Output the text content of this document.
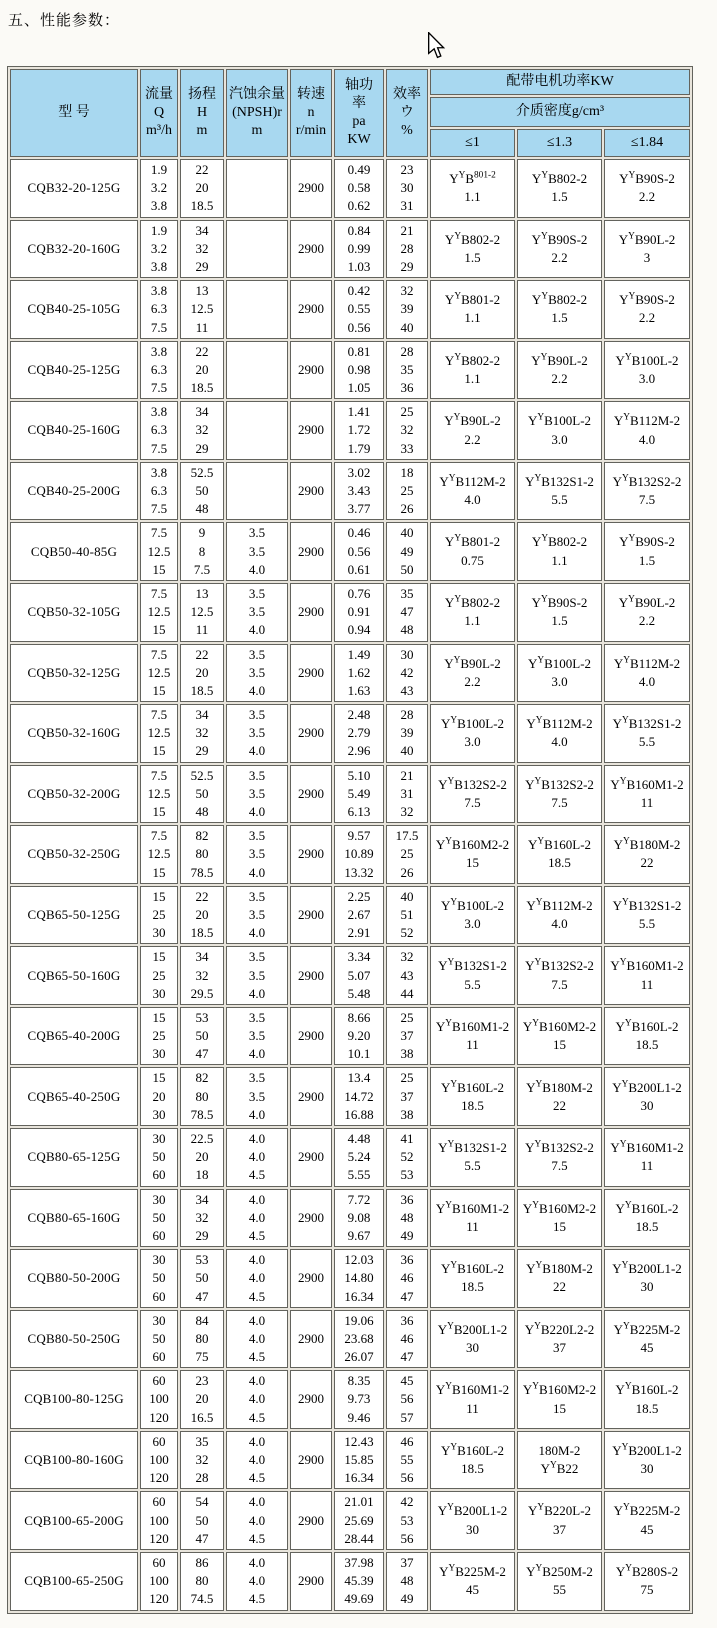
五、性能参数：
型 号	流量
Q
m³/h	扬程
H
m	汽蚀余量
(NPSH)r
m	转速
n
r/min	轴功
率
pa
KW	效率
ウ
%	配带电机功率KW		
							介质密度g/cm³		
							≤1	≤1.3	≤1.84
CQB32-20-125G	1.9
3.2
3.8	22
20
18.5		2900	0.49
0.58
0.62	23
30
31	$Y^YB^{801-2}$
1.1	$Y^YB802-2$
1.5	$Y^YB90S-2$
2.2
CQB32-20-160G	1.9
3.2
3.8	34
32
29		2900	0.84
0.99
1.03	21
28
29	$Y^YB802-2$
1.5	$Y^YB90S-2$
2.2	$Y^YB90L-2$
3
CQB40-25-105G	3.8
6.3
7.5	13
12.5
11		2900	0.42
0.55
0.56	32
39
40	$Y^YB801-2$
1.1	$Y^YB802-2$
1.5	$Y^YB90S-2$
2.2
CQB40-25-125G	3.8
6.3
7.5	22
20
18.5		2900	0.81
0.98
1.05	28
35
36	$Y^YB802-2$
1.1	$Y^YB90L-2$
2.2	$Y^YB100L-2$
3.0
CQB40-25-160G	3.8
6.3
7.5	34
32
29		2900	1.41
1.72
1.79	25
32
33	$Y^YB90L-2$
2.2	$Y^YB100L-2$
3.0	$Y^YB112M-2$
4.0
CQB40-25-200G	3.8
6.3
7.5	52.5
50
48		2900	3.02
3.43
3.77	18
25
26	$Y^YB112M-2$
4.0	$Y^YB132S1-2$
5.5	$Y^YB132S2-2$
7.5
CQB50-40-85G	7.5
12.5
15	9
8
7.5	3.5
3.5
4.0	2900	0.46
0.56
0.61	40
49
50	$Y^YB801-2$
0.75	$Y^YB802-2$
1.1	$Y^YB90S-2$
1.5
CQB50-32-105G	7.5
12.5
15	13
12.5
11	3.5
3.5
4.0	2900	0.76
0.91
0.94	35
47
48	$Y^YB802-2$
1.1	$Y^YB90S-2$
1.5	$Y^YB90L-2$
2.2
CQB50-32-125G	7.5
12.5
15	22
20
18.5	3.5
3.5
4.0	2900	1.49
1.62
1.63	30
42
43	$Y^YB90L-2$
2.2	$Y^YB100L-2$
3.0	$Y^YB112M-2$
4.0
CQB50-32-160G	7.5
12.5
15	34
32
29	3.5
3.5
4.0	2900	2.48
2.79
2.96	28
39
40	$Y^YB100L-2$
3.0	$Y^YB112M-2$
4.0	$Y^YB132S1-2$
5.5
CQB50-32-200G	7.5
12.5
15	52.5
50
48	3.5
3.5
4.0	2900	5.10
5.49
6.13	21
31
32	$Y^YB132S2-2$
7.5	$Y^YB132S2-2$
7.5	$Y^YB160M1-2$
11
CQB50-32-250G	7.5
12.5
15	82
80
78.5	3.5
3.5
4.0	2900	9.57
10.89
13.32	17.5
25
26	$Y^YB160M2-2$
15	$Y^YB160L-2$
18.5	$Y^YB180M-2$
22
CQB65-50-125G	15
25
30	22
20
18.5	3.5
3.5
4.0	2900	2.25
2.67
2.91	40
51
52	$Y^YB100L-2$
3.0	$Y^YB112M-2$
4.0	$Y^YB132S1-2$
5.5
CQB65-50-160G	15
25
30	34
32
29.5	3.5
3.5
4.0	2900	3.34
5.07
5.48	32
43
44	$Y^YB132S1-2$
5.5	$Y^YB132S2-2$
7.5	$Y^YB160M1-2$
11
CQB65-40-200G	15
25
30	53
50
47	3.5
3.5
4.0	2900	8.66
9.20
10.1	25
37
38	$Y^YB160M1-2$
11	$Y^YB160M2-2$
15	$Y^YB160L-2$
18.5
CQB65-40-250G	15
20
30	82
80
78.5	3.5
3.5
4.0	2900	13.4
14.72
16.88	25
37
38	$Y^YB160L-2$
18.5	$Y^YB180M-2$
22	$Y^YB200L1-2$
30
CQB80-65-125G	30
50
60	22.5
20
18	4.0
4.0
4.5	2900	4.48
5.24
5.55	41
52
53	$Y^YB132S1-2$
5.5	$Y^YB132S2-2$
7.5	$Y^YB160M1-2$
11
CQB80-65-160G	30
50
60	34
32
29	4.0
4.0
4.5	2900	7.72
9.08
9.67	36
48
49	$Y^YB160M1-2$
11	$Y^YB160M2-2$
15	$Y^YB160L-2$
18.5
CQB80-50-200G	30
50
60	53
50
47	4.0
4.0
4.5	2900	12.03
14.80
16.34	36
46
47	$Y^YB160L-2$
18.5	$Y^YB180M-2$
22	$Y^YB200L1-2$
30
CQB80-50-250G	30
50
60	84
80
75	4.0
4.0
4.5	2900	19.06
23.68
26.07	36
46
47	$Y^YB200L1-2$
30	$Y^YB220L2-2$
37	$Y^YB225M-2$
45
CQB100-80-125G	60
100
120	23
20
16.5	4.0
4.0
4.5	2900	8.35
9.73
9.46	45
56
57	$Y^YB160M1-2$
11	$Y^YB160M2-2$
15	$Y^YB160L-2$
18.5
CQB100-80-160G	60
100
120	35
32
28	4.0
4.0
4.5	2900	12.43
15.85
16.34	46
55
56	$Y^YB160L-2$
18.5	180M-2
$Y^YB22$	$Y^YB200L1-2$
30
CQB100-65-200G	60
100
120	54
50
47	4.0
4.0
4.5	2900	21.01
25.69
28.44	42
53
56	$Y^YB200L1-2$
30	$Y^YB220L-2$
37	$Y^YB225M-2$
45
CQB100-65-250G	60
100
120	86
80
74.5	4.0
4.0
4.5	2900	37.98
45.39
49.69	37
48
49	$Y^YB225M-2$
45	$Y^YB250M-2$
55	$Y^YB280S-2$
75
